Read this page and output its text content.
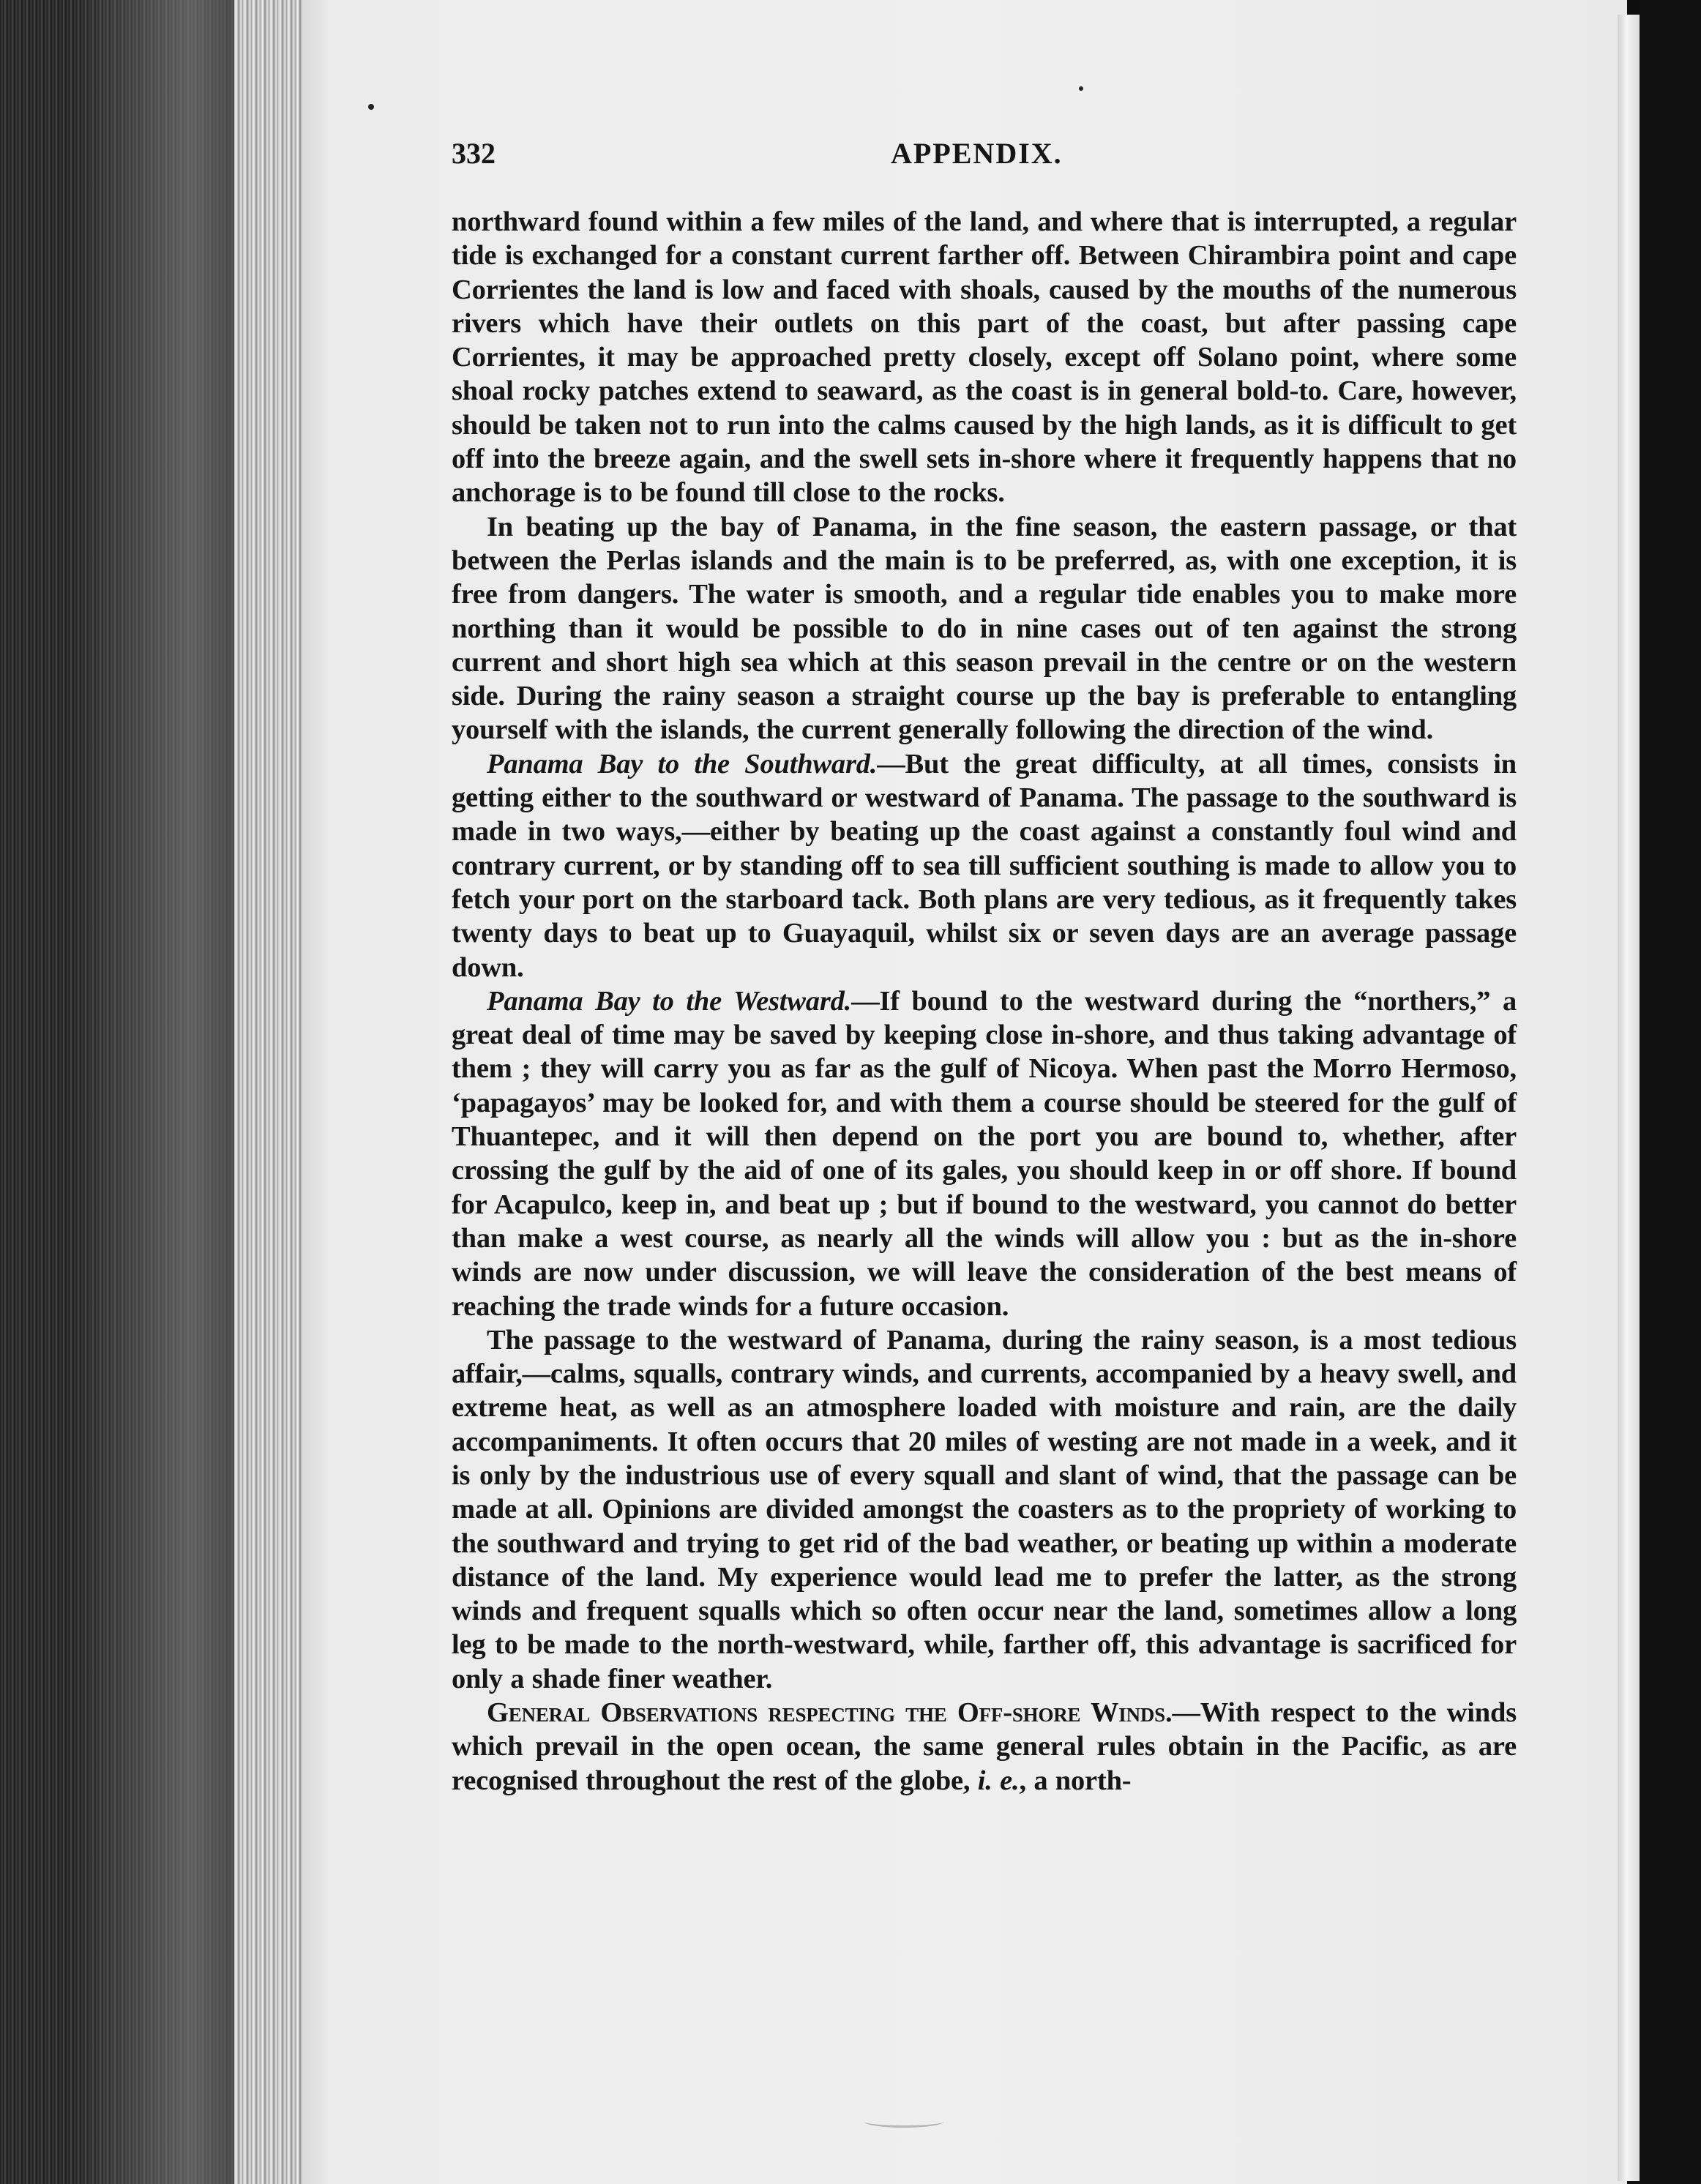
332	APPENDIX.

northward found within a few miles of the land, and where that is interrupted, a regular tide is exchanged for a constant current farther off. Between Chirambira point and cape Corrientes the land is low and faced with shoals, caused by the mouths of the numerous rivers which have their outlets on this part of the coast, but after passing cape Corrientes, it may be approached pretty closely, except off Solano point, where some shoal rocky patches extend to seaward, as the coast is in general bold-to. Care, however, should be taken not to run into the calms caused by the high lands, as it is difficult to get off into the breeze again, and the swell sets in-shore where it frequently happens that no anchorage is to be found till close to the rocks.

In beating up the bay of Panama, in the fine season, the eastern passage, or that between the Perlas islands and the main is to be preferred, as, with one exception, it is free from dangers. The water is smooth, and a regular tide enables you to make more northing than it would be possible to do in nine cases out of ten against the strong current and short high sea which at this season prevail in the centre or on the western side. During the rainy season a straight course up the bay is preferable to entangling yourself with the islands, the current generally following the direction of the wind.

Panama Bay to the Southward.—But the great difficulty, at all times, consists in getting either to the southward or westward of Panama. The passage to the southward is made in two ways,—either by beating up the coast against a constantly foul wind and contrary current, or by standing off to sea till sufficient southing is made to allow you to fetch your port on the starboard tack. Both plans are very tedious, as it frequently takes twenty days to beat up to Guayaquil, whilst six or seven days are an average passage down.

Panama Bay to the Westward.—If bound to the westward during the “northers,” a great deal of time may be saved by keeping close in-shore, and thus taking advantage of them ; they will carry you as far as the gulf of Nicoya. When past the Morro Hermoso, ‘papagayos’ may be looked for, and with them a course should be steered for the gulf of Thuantepec, and it will then depend on the port you are bound to, whether, after crossing the gulf by the aid of one of its gales, you should keep in or off shore. If bound for Acapulco, keep in, and beat up ; but if bound to the westward, you cannot do better than make a west course, as nearly all the winds will allow you : but as the in-shore winds are now under discussion, we will leave the consideration of the best means of reaching the trade winds for a future occasion.

The passage to the westward of Panama, during the rainy season, is a most tedious affair,—calms, squalls, contrary winds, and currents, accompanied by a heavy swell, and extreme heat, as well as an atmosphere loaded with moisture and rain, are the daily accompaniments. It often occurs that 20 miles of westing are not made in a week, and it is only by the industrious use of every squall and slant of wind, that the passage can be made at all. Opinions are divided amongst the coasters as to the propriety of working to the southward and trying to get rid of the bad weather, or beating up within a moderate distance of the land. My experience would lead me to prefer the latter, as the strong winds and frequent squalls which so often occur near the land, sometimes allow a long leg to be made to the north-westward, while, farther off, this advantage is sacrificed for only a shade finer weather.

General Observations respecting the Off-shore Winds.—With respect to the winds which prevail in the open ocean, the same general rules obtain in the Pacific, as are recognised throughout the rest of the globe, i. e., a north-
